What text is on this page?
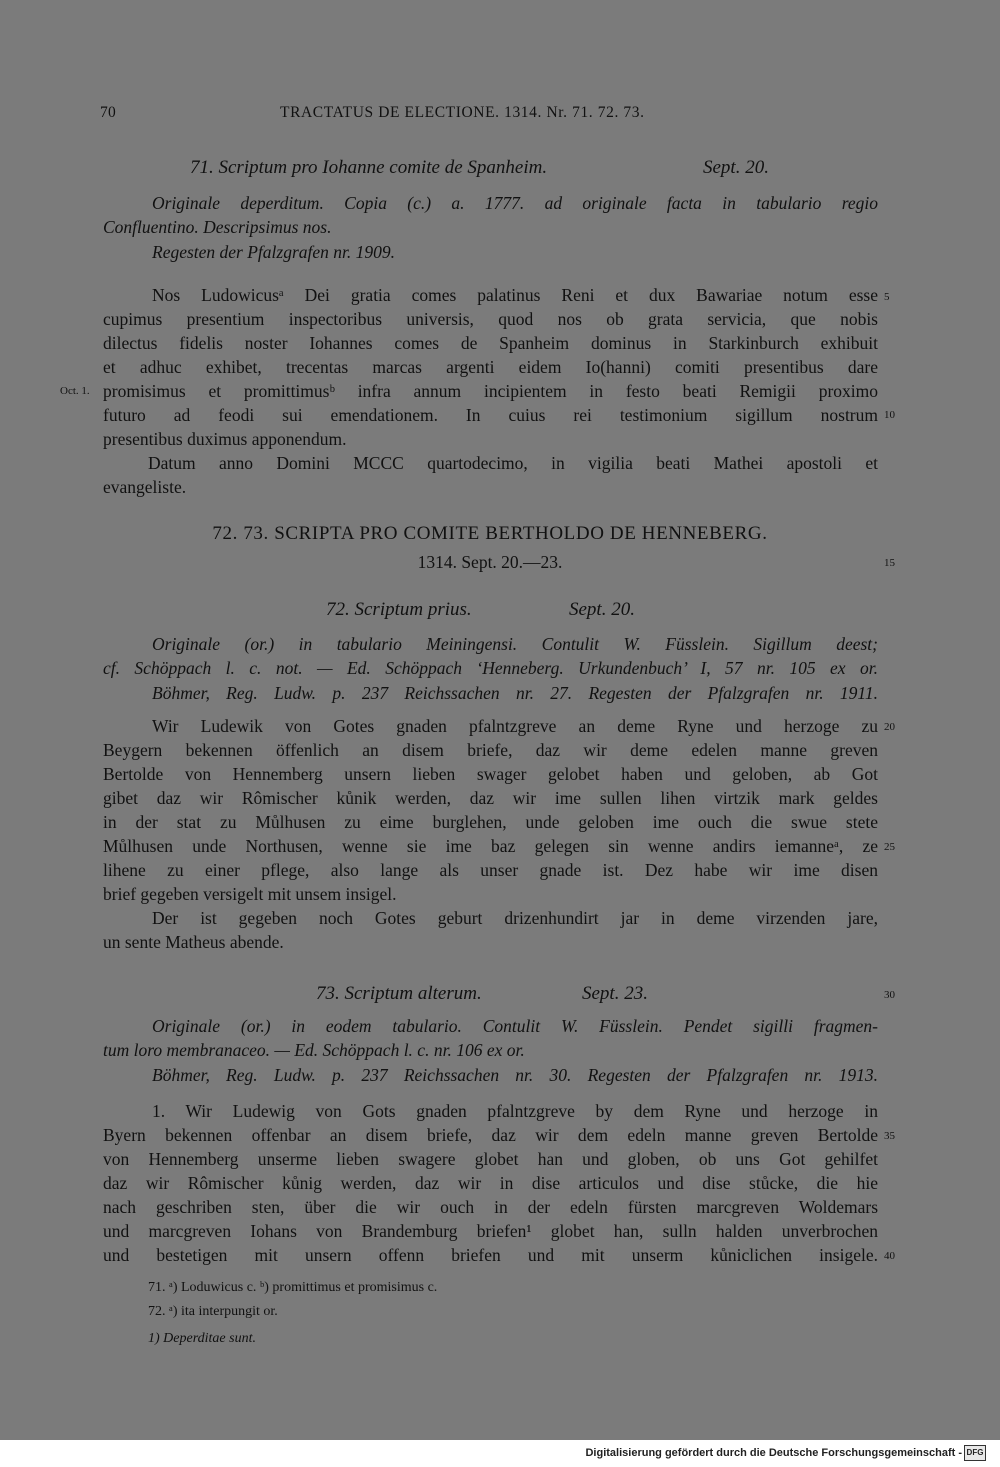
70	TRACTATUS DE ELECTIONE. 1314. Nr. 71. 72. 73.
71. Scriptum pro Iohanne comite de Spanheim.	Sept. 20.
Originale deperditum. Copia (c.) a. 1777. ad originale facta in tabulario regio
Confluentino. Descripsimus nos.
Regesten der Pfalzgrafen nr. 1909.
Nos Ludowicusᵃ Dei gratia comes palatinus Reni et dux Bawariae notum esse
cupimus presentium inspectoribus universis, quod nos ob grata servicia, que nobis
dilectus fidelis noster Iohannes comes de Spanheim dominus in Starkinburch exhibuit
et adhuc exhibet, trecentas marcas argenti eidem Io(hanni) comiti presentibus dare
promisimus et promittimusᵇ infra annum incipientem in festo beati Remigii proximo
futuro ad feodi sui emendationem. In cuius rei testimonium sigillum nostrum
presentibus duximus apponendum.
Datum anno Domini MCCC quartodecimo, in vigilia beati Mathei apostoli et
evangeliste.
5
Oct. 1.
10
72. 73. SCRIPTA PRO COMITE BERTHOLDO DE HENNEBERG.
1314. Sept. 20.—23.	15
72. Scriptum prius.	Sept. 20.
Originale (or.) in tabulario Meiningensi. Contulit W. Füsslein. Sigillum deest;
cf. Schöppach l. c. not. — Ed. Schöppach ‘Henneberg. Urkundenbuch’ I, 57 nr. 105 ex or.
Böhmer, Reg. Ludw. p. 237 Reichssachen nr. 27. Regesten der Pfalzgrafen nr. 1911.
Wir Ludewik von Gotes gnaden pfalntzgreve an deme Ryne und herzoge zu
Beygern bekennen öffenlich an disem briefe, daz wir deme edelen manne greven
Bertolde von Hennemberg unsern lieben swager gelobet haben und geloben, ab Got
gibet daz wir Rômischer kůnik werden, daz wir ime sullen lihen virtzik mark geldes
in der stat zu Můlhusen zu eime burglehen, unde geloben ime ouch die swue stete
Můlhusen unde Northusen, wenne sie ime baz gelegen sin wenne andirs iemanneᵃ, ze
lihene zu einer pflege, also lange als unser gnade ist. Dez habe wir ime disen
brief gegeben versigelt mit unsem insigel.
Der ist gegeben noch Gotes geburt drizenhundirt jar in deme virzenden jare,
un sente Matheus abende.
20
25
73. Scriptum alterum.	Sept. 23.	30
Originale (or.) in eodem tabulario. Contulit W. Füsslein. Pendet sigilli fragmen-
tum loro membranaceo. — Ed. Schöppach l. c. nr. 106 ex or.
Böhmer, Reg. Ludw. p. 237 Reichssachen nr. 30. Regesten der Pfalzgrafen nr. 1913.
1. Wir Ludewig von Gots gnaden pfalntzgreve by dem Ryne und herzoge in
Byern bekennen offenbar an disem briefe, daz wir dem edeln manne greven Bertolde
von Hennemberg unserme lieben swagere globet han und globen, ob uns Got gehilfet
daz wir Rômischer kůnig werden, daz wir in dise articulos und dise stůcke, die hie
nach geschriben sten, über die wir ouch in der edeln fürsten marcgreven Woldemars
und marcgreven Iohans von Brandemburg briefen¹ globet han, sulln halden unverbrochen
und bestetigen mit unsern offenn briefen und mit unserm kůniclichen insigele.
35
40
71. ᵃ) Loduwicus c. ᵇ) promittimus et promisimus c.
72. ᵃ) ita interpungit or.
1) Deperditae sunt.
Digitalisierung gefördert durch die Deutsche Forschungsgemeinschaft - DFG
